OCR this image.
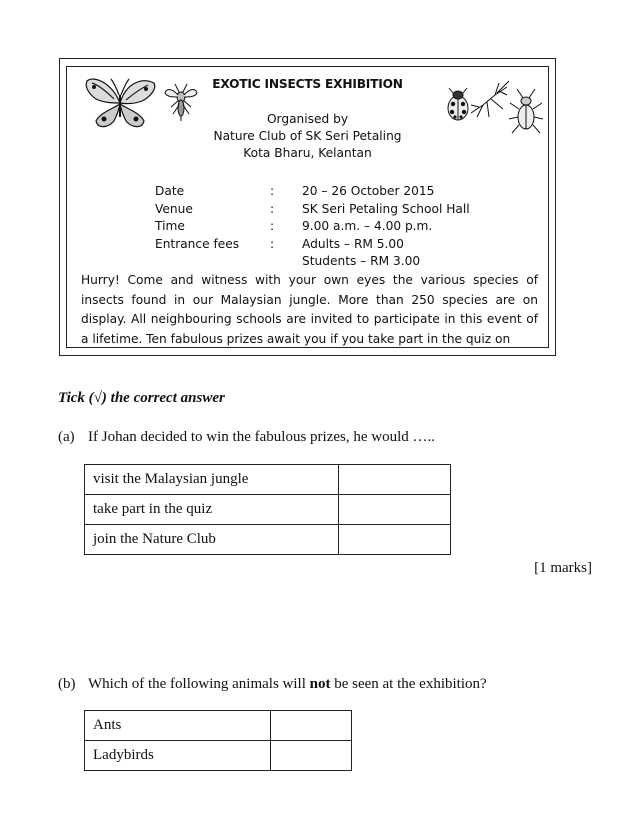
EXOTIC INSECTS EXHIBITION
Organised by
Nature Club of SK Seri Petaling
Kota Bharu, Kelantan
Date	:	20 – 26 October 2015
Venue	:	SK Seri Petaling School Hall
Time	:	9.00 a.m. – 4.00 p.m.
Entrance fees	:	Adults – RM 5.00
Students – RM 3.00
Hurry! Come and witness with your own eyes the various species of insects found in our Malaysian jungle. More than 250 species are on display. All neighbouring schools are invited to participate in this event of a lifetime. Ten fabulous prizes await you if you take part in the quiz on
Tick (√) the correct answer
(a) If Johan decided to win the fabulous prizes, he would …..
visit the Malaysian jungle	
take part in the quiz	
join the Nature Club	
[1 marks]
(b) Which of the following animals will not be seen at the exhibition?
Ants	
Ladybirds	
